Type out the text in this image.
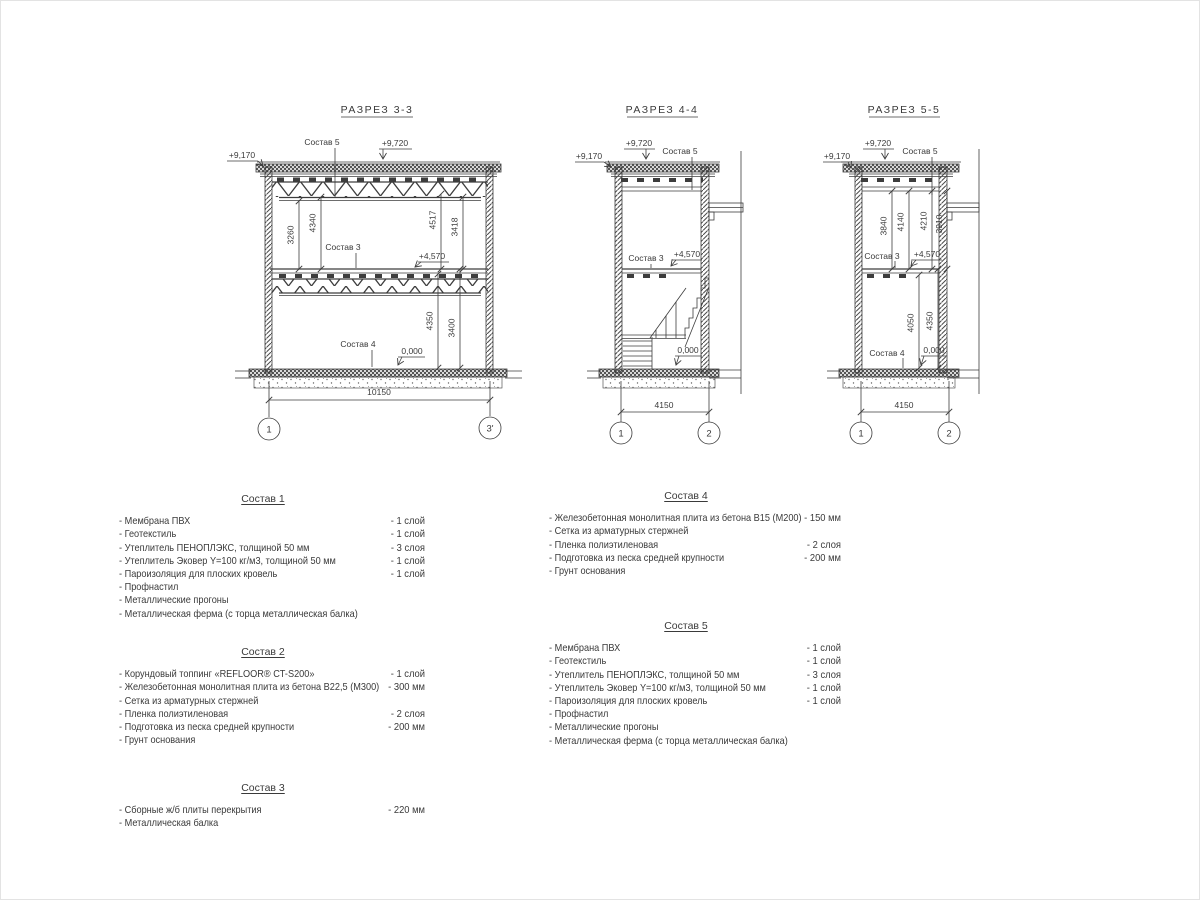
РАЗРЕЗ 3-3
+9,170
+9,720
Состав 5
Состав 3
+4,570
Состав 4
0,000
3260
4340	4517 3418
4350 3400
10150
1	3'
РАЗРЕЗ 4-4
+9,170
+9,720
Состав 5
Состав 3 +4,570
0,000
4150
1	2
РАЗРЕЗ 5-5
+9,170
+9,720
Состав 5
Состав 3 +4,570
Состав 4 0,000
3840 4140 4210 3910
4050 4350
4150
1	2
Состав 1
- Мембрана ПВХ	- 1 слой
- Геотекстиль	- 1 слой
- Утеплитель ПЕНОПЛЭКС, толщиной 50 мм	- 3 слоя
- Утеплитель Эковер Y=100 кг/м3, толщиной 50 мм	- 1 слой
- Пароизоляция для плоских кровель	- 1 слой
- Профнастил
- Металлические прогоны
- Металлическая ферма (с торца металлическая балка)
Состав 2
- Корундовый топпинг «REFLOOR® CT-S200»	- 1 слой
- Железобетонная монолитная плита из бетона В22,5 (М300) - 300 мм
- Сетка из арматурных стержней
- Пленка полиэтиленовая	- 2 слоя
- Подготовка из песка средней крупности	- 200 мм
- Грунт основания
Состав 3
- Сборные ж/б плиты перекрытия	- 220 мм
- Металлическая балка
Состав 4
- Железобетонная монолитная плита из бетона В15 (М200) - 150 мм
- Сетка из арматурных стержней
- Пленка полиэтиленовая	- 2 слоя
- Подготовка из песка средней крупности	- 200 мм
- Грунт основания
Состав 5
- Мембрана ПВХ	- 1 слой
- Геотекстиль	- 1 слой
- Утеплитель ПЕНОПЛЭКС, толщиной 50 мм	- 3 слоя
- Утеплитель Эковер Y=100 кг/м3, толщиной 50 мм	- 1 слой
- Пароизоляция для плоских кровель	- 1 слой
- Профнастил
- Металлические прогоны
- Металлическая ферма (с торца металлическая балка)
